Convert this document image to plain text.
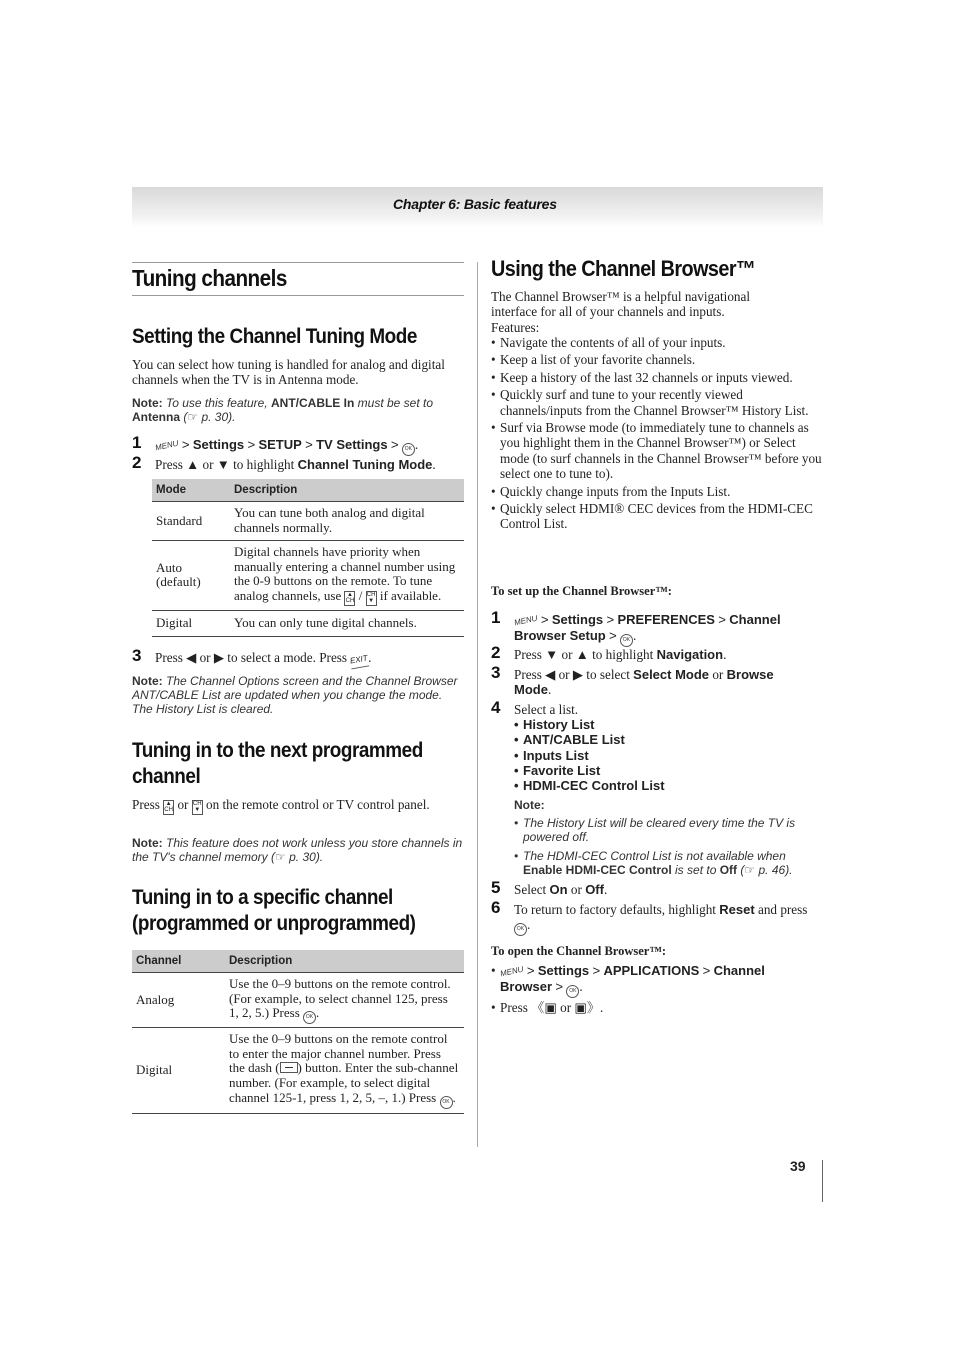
Chapter 6: Basic features
Tuning channels
Setting the Channel Tuning Mode
You can select how tuning is handled for analog and digital channels when the TV is in Antenna mode.
Note: To use this feature, ANT/CABLE In must be set to Antenna (☞ p. 30).
1 MENU > Settings > SETUP > TV Settings > OK .
2 Press ▲ or ▼ to highlight Channel Tuning Mode.
Mode	Description
Standard	You can tune both analog and digital channels normally.
Auto (default)	Digital channels have priority when manually entering a channel number using the 0-9 buttons on the remote. To tune analog channels, use ▲
CH / CH
▼ if available.
Digital	You can only tune digital channels.
3 Press ◀ or ▶ to select a mode. Press EXIT.
Note: The Channel Options screen and the Channel Browser ANT/CABLE List are updated when you change the mode. The History List is cleared.
Tuning in to the next programmed channel
Press ▲
CH or CH
▼ on the remote control or TV control panel.
Note: This feature does not work unless you store channels in the TV's channel memory (☞ p. 30).
Tuning in to a specific channel (programmed or unprogrammed)
Channel	Description
Analog	Use the 0–9 buttons on the remote control. (For example, to select channel 125, press 1, 2, 5.) Press OK .
Digital	Use the 0–9 buttons on the remote control to enter the major channel number. Press the dash ( ) button. Enter the sub-channel number. (For example, to select digital channel 125-1, press 1, 2, 5, –, 1.) Press OK .
Using the Channel Browser™
The Channel Browser™ is a helpful navigational interface for all of your channels and inputs.
Features:
• Navigate the contents of all of your inputs.
• Keep a list of your favorite channels.
• Keep a history of the last 32 channels or inputs viewed.
• Quickly surf and tune to your recently viewed channels/inputs from the Channel Browser™ History List.
• Surf via Browse mode (to immediately tune to channels as you highlight them in the Channel Browser™) or Select mode (to surf channels in the Channel Browser™ before you select one to tune to).
• Quickly change inputs from the Inputs List.
• Quickly select HDMI® CEC devices from the HDMI-CEC Control List.
To set up the Channel Browser™:
1 MENU > Settings > PREFERENCES > Channel Browser Setup > OK .
2 Press ▼ or ▲ to highlight Navigation.
3 Press ◀ or ▶ to select Select Mode or Browse Mode.
4 Select a list.
• History List
• ANT/CABLE List
• Inputs List
• Favorite List
• HDMI-CEC Control List
Note:
• The History List will be cleared every time the TV is powered off.
• The HDMI-CEC Control List is not available when Enable HDMI-CEC Control is set to Off (☞ p. 46).
5 Select On or Off.
6 To return to factory defaults, highlight Reset and press OK .
To open the Channel Browser™:
• MENU > Settings > APPLICATIONS > Channel Browser > OK .
• Press 《▣ or ▣》.
39
